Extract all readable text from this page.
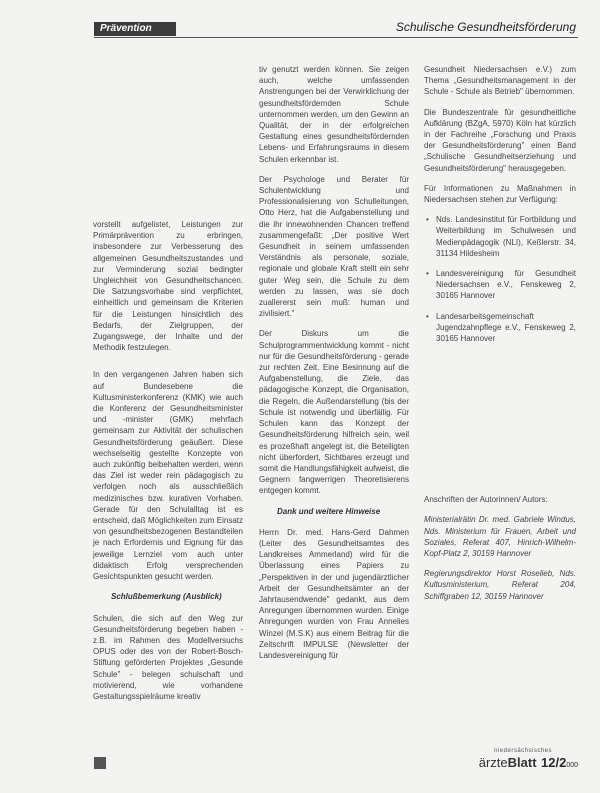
Prävention	Schulische Gesundheitsförderung

vorstellt aufgelistet, Leistungen zur Primärprävention zu erbringen, insbesondere zur Verbesserung des allgemeinen Gesundheitszustandes und zur Verminderung sozial bedingter Ungleichheit von Gesundheitschancen. Die Satzungsvorhabe sind verpflichtet, einheitlich und gemeinsam die Kriterien für die Leistungen hinsichtlich des Bedarfs, der Zielgruppen, der Zugangswege, der Inhalte und der Methodik festzulegen.

In den vergangenen Jahren haben sich auf Bundesebene die Kultusministerkonferenz (KMK) wie auch die Konferenz der Gesundheitsminister und -minister (GMK) mehrfach gemeinsam zur Aktivität der schulischen Gesundheitsförderung geäußert. Diese wechselseitig gestellte Konzepte von auch zukünftig beibehalten werden, wenn das Ziel ist weder rein pädagogisch zu verfolgen noch als ausschließlich medizinisches bzw. kurativen Vorhaben. Gerade für den Schulalltag ist es entscheid, daß Möglichkeiten zum Einsatz von gesundheitsbezogenen Bestandteilen je nach Erfordernis und Eignung für das jeweilige Lernziel vom auch unter didaktisch Erfolg versprechenden Gesichtspunkten gesucht werden.

Schlußbemerkung (Ausblick)

Schulen, die sich auf den Weg zur Gesundheitsförderung begeben haben - z.B. im Rahmen des Modellversuchs OPUS oder des von der Robert-Bosch-Stiftung geförderten Projektes „Gesunde Schule" - belegen schulschaft und motivierend, wie vorhandene Gestaltungsspielräume kreativ

tiv genutzt werden können. Sie zeigen auch, welche umfassenden Anstrengungen bei der Verwirklichung der gesundheitsfördernden Schule unternommen werden, um den Gewinn an Qualität, der in der erfolgreichen Gestaltung eines gesundheitsfördernden Lebens- und Erfahrungsraums in diesem Schulen erkennbar ist.

Der Psychologe und Berater für Schulentwicklung und Professionalisierung von Schulleitungen, Otto Herz, hat die Aufgabenstellung und die ihr innewohnenden Chancen treffend zusammengefaßt: „Der positive Wert Gesundheit in seinem umfassenden Verständnis als personale, soziale, regionale und globale Kraft stellt ein sehr guter Weg sein, die Schule zu dem werden zu lassen, was sie doch zuallererst sein muß: human und zivilisiert."

Der Diskurs um die Schulprogrammentwicklung kommt - nicht nur für die Gesundheitsförderung - gerade zur rechten Zeit. Eine Besinnung auf die Aufgabenstellung, die Ziele, das pädagogische Konzept, die Organisation, die Regeln, die Außendarstellung (bis der Schule ist notwendig und überfällig. Für Schulen kann das Konzept der Gesundheitsförderung hilfreich sein, weil es prozeßhaft angelegt ist, die Beteiligten nicht überfordert, Sichtbares erzeugt und somit die Handlungsfähigkeit aufweist, die Gegnern fangwerrigen Theoretisierens entgegen kommt.

Dank und weitere Hinweise

Herrn Dr. med. Hans-Gerd Dahmen (Leiter des Gesundheitsamtes des Landkreises Ammerland) wird für die Überlassung eines Papiers zu „Perspektiven in der und jugendärztlicher Arbeit der Gesundheitsämter an der Jahrtausendwende" gedankt, aus dem Anregungen übernommen wurden. Einige Anregungen wurden von Frau Annelies Winzel (M.S.K) aus einem Beitrag für die Zeitschrift IMPULSE (Newsletter der Landesvereinigung für

Gesundheit Niedersachsen e.V.) zum Thema „Gesundheitsmanagement in der Schule - Schule als Betrieb" übernommen.

Die Bundeszentrale für gesundheitliche Aufklärung (BZgA, 5970) Köln hat kürzlich in der Fachreihe „Forschung und Praxis der Gesundheitsförderung" einen Band „Schulische Gesundheitserziehung und Gesundheitsförderung" herausgegeben.

Für Informationen zu Maßnahmen in Niedersachsen stehen zur Verfügung:

• Nds. Landesinstitut für Fortbildung und Weiterbildung im Schulwesen und Medienpädagogik (NLI), Keßlerstr. 34, 31134 Hildesheim
• Landesvereinigung für Gesundheit Niedersachsen e.V., Fenskeweg 2, 30165 Hannover
• Landesarbeitsgemeinschaft Jugendzahnpflege e.V., Fenskeweg 2, 30165 Hannover

Anschriften der Autorinnen/ Autors:

Ministerialrätin Dr. med. Gabriele Windus, Nds. Ministerium für Frauen, Arbeit und Soziales, Referat 407, Hinrich-Wilhelm-Kopf-Platz 2, 30159 Hannover

Regierungsdirektor Horst Roselieb, Nds. Kultusministerium, Referat 204, Schiffgraben 12, 30159 Hannover

niedersächsisches
ärzteBlatt 12/2000
